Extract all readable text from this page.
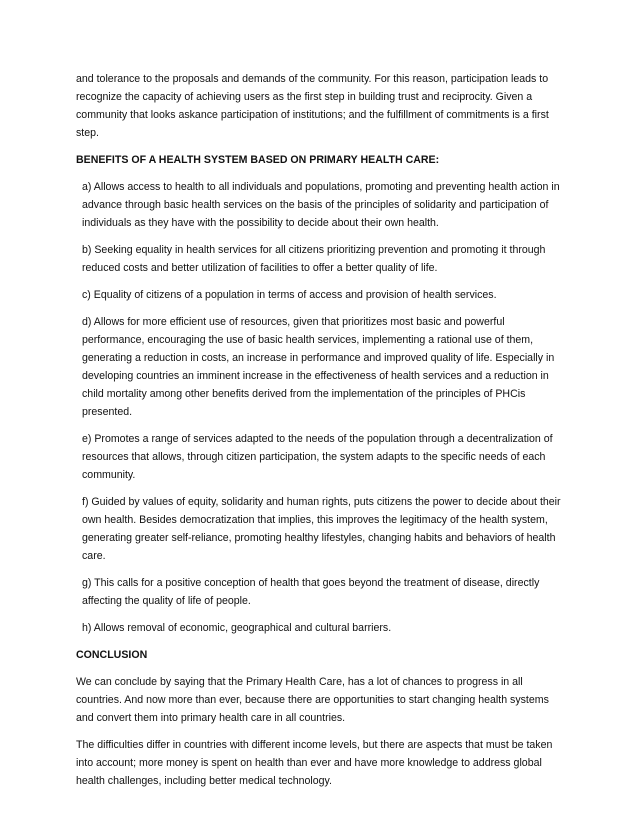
and tolerance to the proposals and demands of the community. For this reason, participation leads to recognize the capacity of achieving users as the first step in building trust and reciprocity. Given a community that looks askance participation of institutions; and the fulfillment of commitments is a first step.

BENEFITS OF A HEALTH SYSTEM BASED ON PRIMARY HEALTH CARE:

a) Allows access to health to all individuals and populations, promoting and preventing health action in advance through basic health services on the basis of the principles of solidarity and participation of individuals as they have with the possibility to decide about their own health.

b) Seeking equality in health services for all citizens prioritizing prevention and promoting it through reduced costs and better utilization of facilities to offer a better quality of life.

c) Equality of citizens of a population in terms of access and provision of health services.

d) Allows for more efficient use of resources, given that prioritizes most basic and powerful performance, encouraging the use of basic health services, implementing a rational use of them, generating a reduction in costs, an increase in performance and improved quality of life. Especially in developing countries an imminent increase in the effectiveness of health services and a reduction in child mortality among other benefits derived from the implementation of the principles of PHCis presented.

e) Promotes a range of services adapted to the needs of the population through a decentralization of resources that allows, through citizen participation, the system adapts to the specific needs of each community.

f) Guided by values of equity, solidarity and human rights, puts citizens the power to decide about their own health. Besides democratization that implies, this improves the legitimacy of the health system, generating greater self-reliance, promoting healthy lifestyles, changing habits and behaviors of health care.

g) This calls for a positive conception of health that goes beyond the treatment of disease, directly affecting the quality of life of people.

h) Allows removal of economic, geographical and cultural barriers.

CONCLUSION

We can conclude by saying that the Primary Health Care, has a lot of chances to progress in all countries. And now more than ever, because there are opportunities to start changing health systems and convert them into primary health care in all countries.

The difficulties differ in countries with different income levels, but there are aspects that must be taken into account; more money is spent on health than ever and have more knowledge to address global health challenges, including better medical technology.
